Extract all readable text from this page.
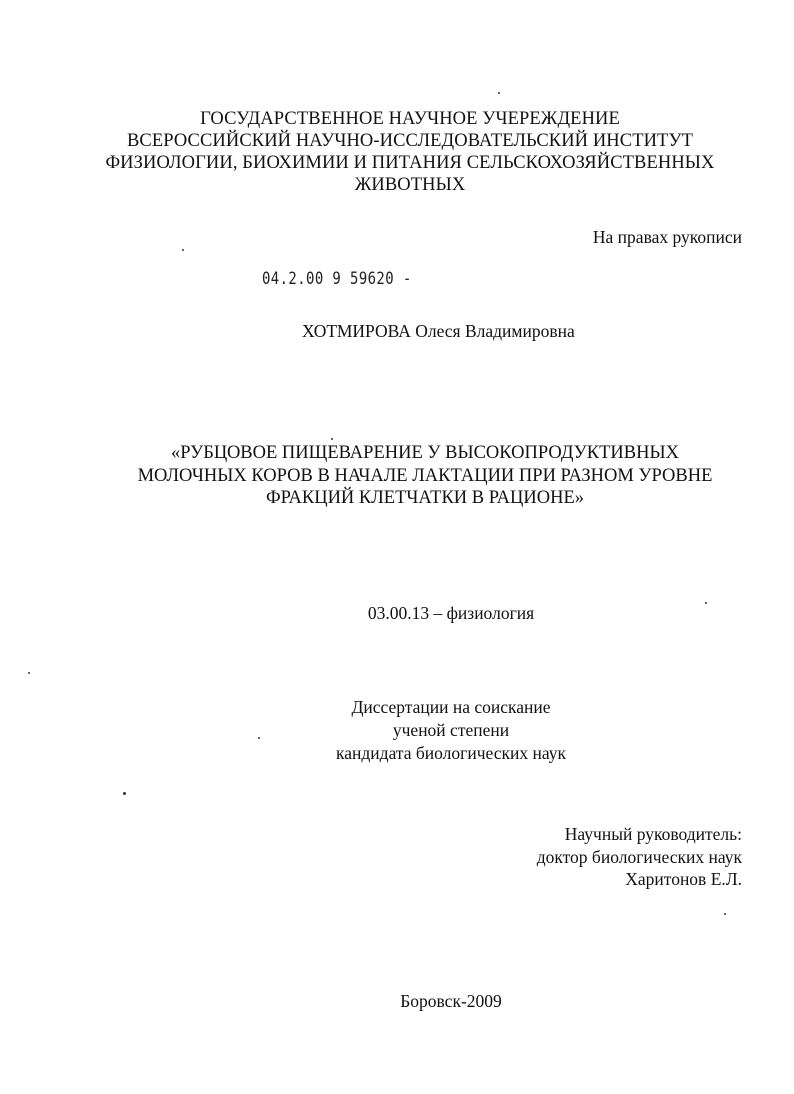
ГОСУДАРСТВЕННОЕ НАУЧНОЕ УЧЕРЕЖДЕНИЕ
ВСЕРОССИЙСКИЙ НАУЧНО-ИССЛЕДОВАТЕЛЬСКИЙ ИНСТИТУТ
ФИЗИОЛОГИИ, БИОХИМИИ И ПИТАНИЯ СЕЛЬСКОХОЗЯЙСТВЕННЫХ
ЖИВОТНЫХ
На правах рукописи
04.2.00 9 59620 -
ХОТМИРОВА Олеся Владимировна
«РУБЦОВОЕ ПИЩЕВАРЕНИЕ У ВЫСОКОПРОДУКТИВНЫХ
МОЛОЧНЫХ КОРОВ В НАЧАЛЕ ЛАКТАЦИИ ПРИ РАЗНОМ УРОВНЕ
ФРАКЦИЙ КЛЕТЧАТКИ В РАЦИОНЕ»
03.00.13 – физиология
Диссертации на соискание
ученой степени
кандидата биологических наук
Научный руководитель:
доктор биологических наук
Харитонов Е.Л.
Боровск-2009
